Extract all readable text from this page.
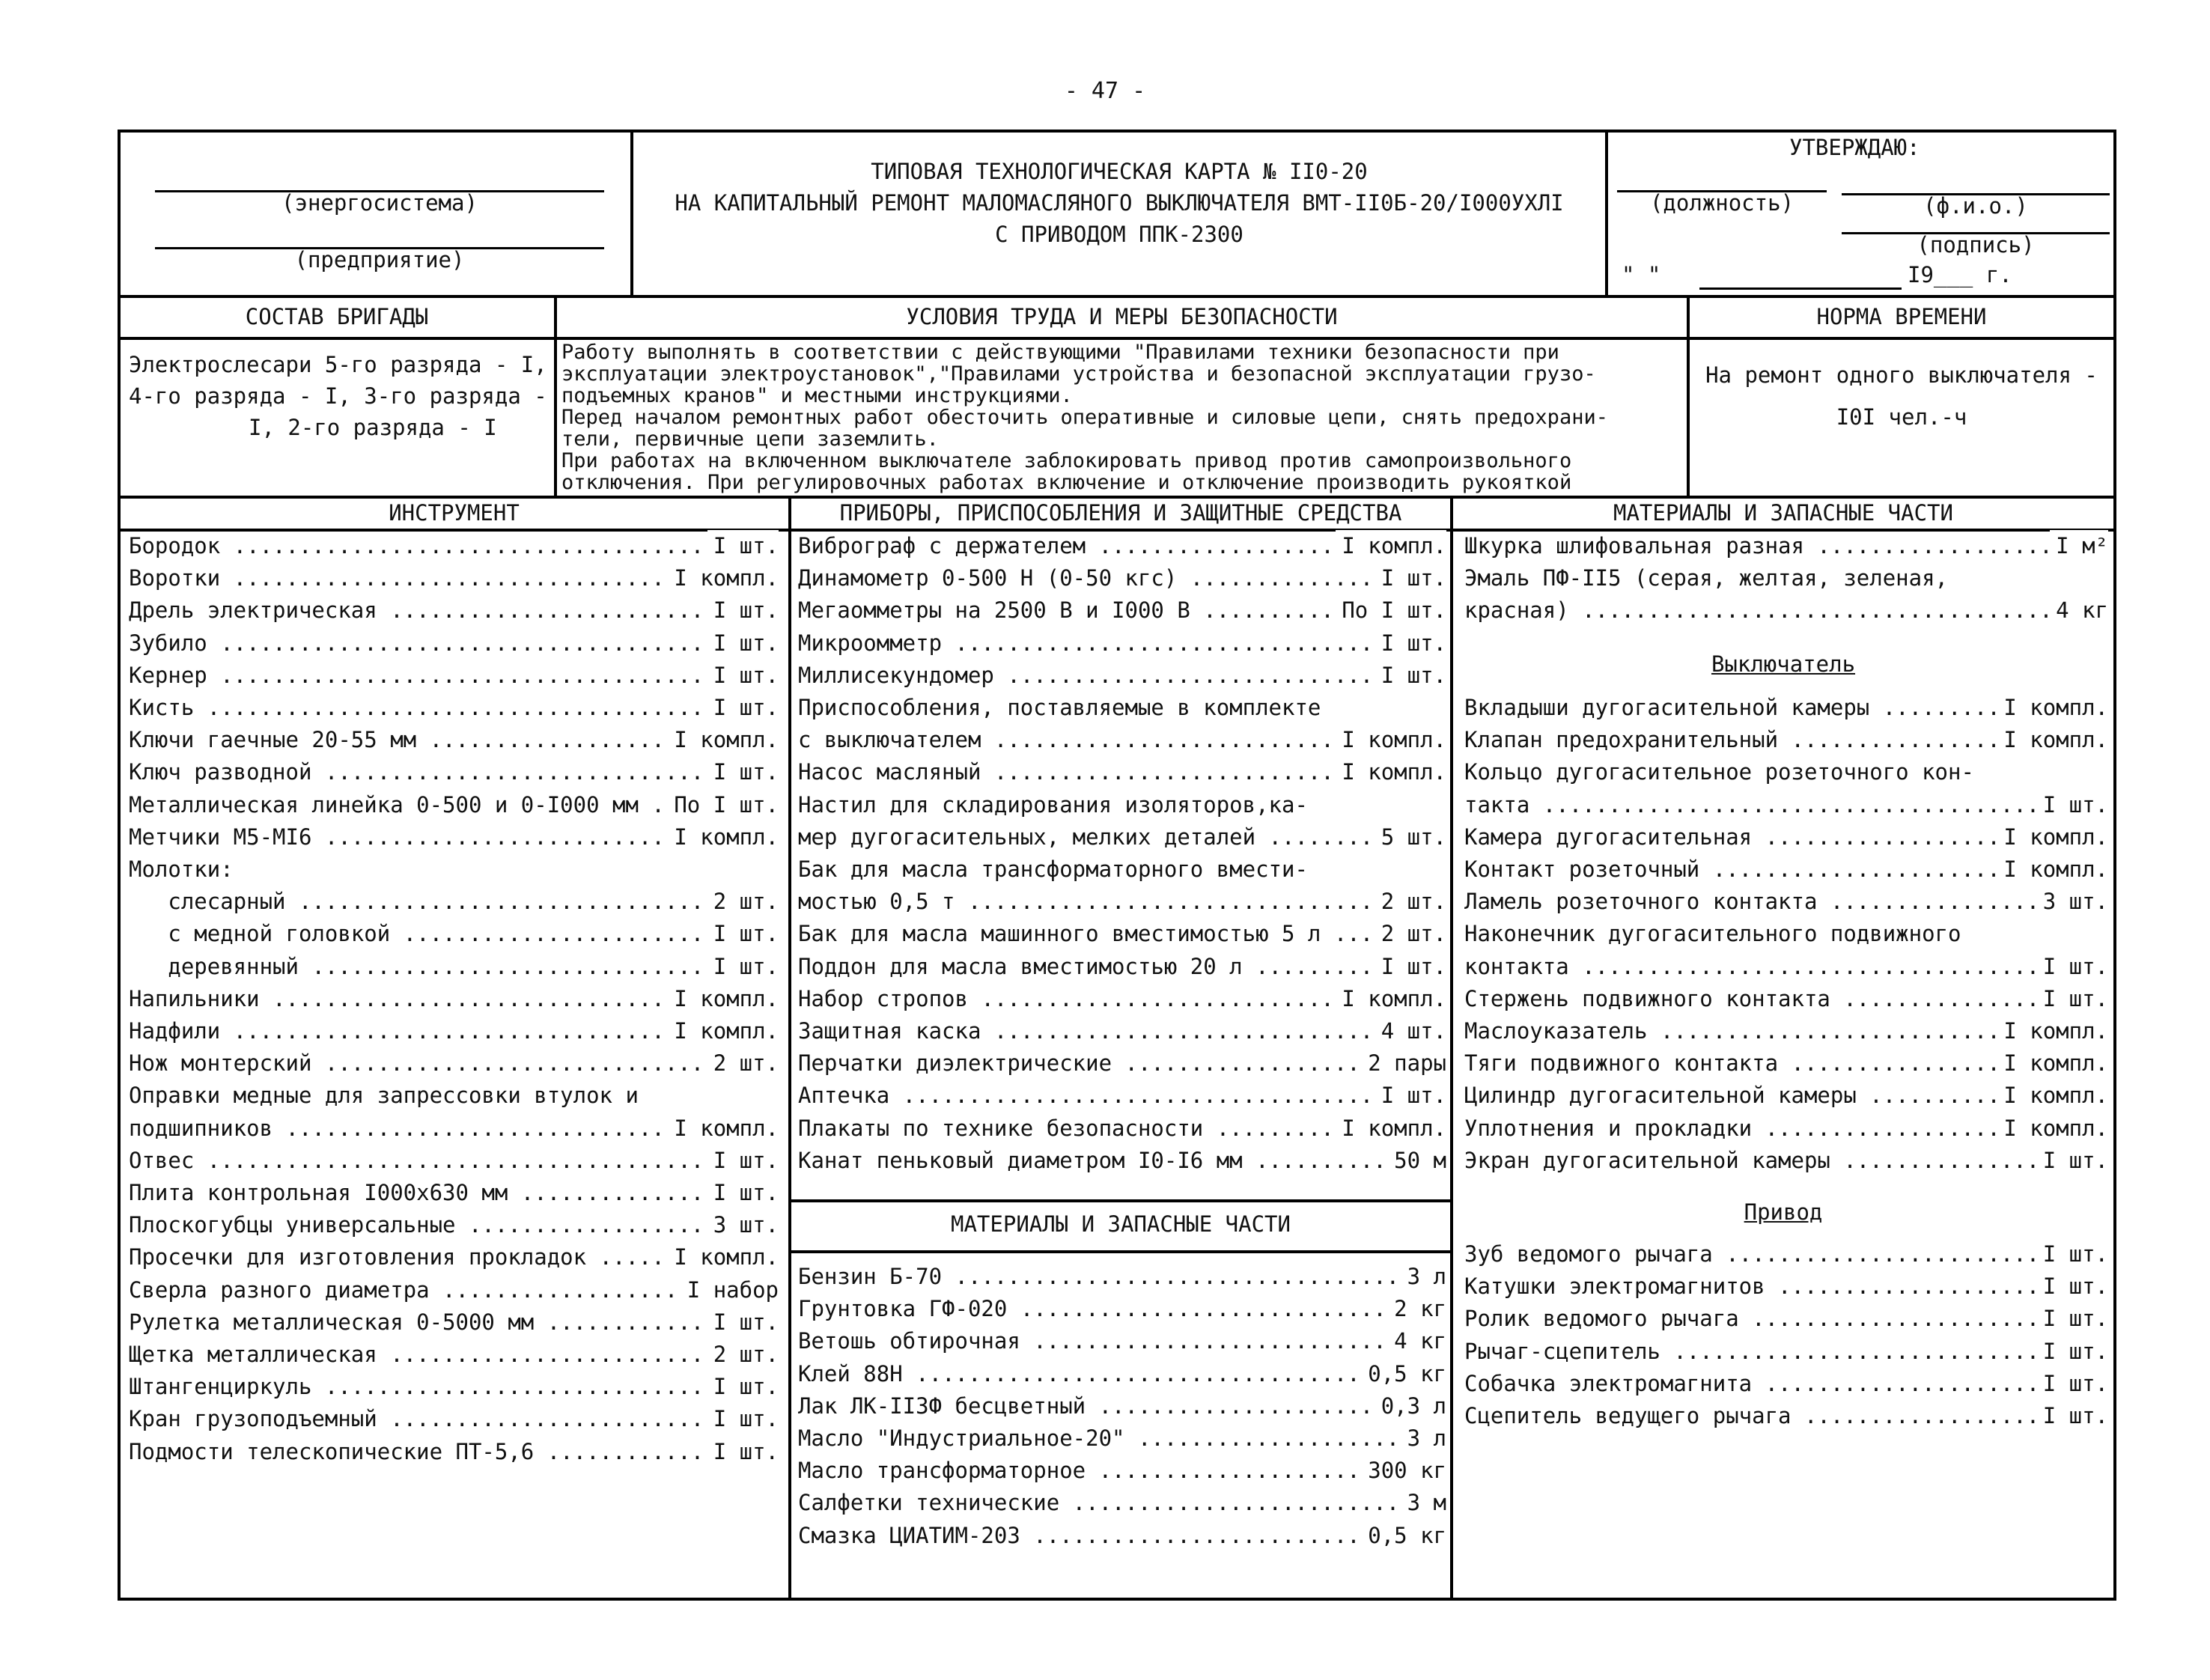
- 47 -
(энергосистема)
(предприятие)
ТИПОВАЯ ТЕХНОЛОГИЧЕСКАЯ КАРТА № II0-20
НА КАПИТАЛЬНЫЙ РЕМОНТ МАЛОМАСЛЯНОГО ВЫКЛЮЧАТЕЛЯ ВМТ-II0Б-20/I000УХЛI
С ПРИВОДОМ ППК-2300
УТВЕРЖДАЮ:
(должность)	(ф.и.о.)
(подпись)
" "	I9___ г.
СОСТАВ БРИГАДЫ	УСЛОВИЯ ТРУДА И МЕРЫ БЕЗОПАСНОСТИ	НОРМА ВРЕМЕНИ
Электрослесари 5-го разряда - I,
4-го разряда - I, 3-го разряда -
I, 2-го разряда - I
Работу выполнять в соответствии с действующими "Правилами техники безопасности при
эксплуатации электроустановок","Правилами устройства и безопасной эксплуатации грузо-
подъемных кранов" и местными инструкциями.
Перед началом ремонтных работ обесточить оперативные и силовые цепи, снять предохрани-
тели, первичные цепи заземлить.
При работах на включенном выключателе заблокировать привод против самопроизвольного
отключения. При регулировочных работах включение и отключение производить рукояткой
На ремонт одного выключателя -
I0I чел.-ч
ИНСТРУМЕНТ	ПРИБОРЫ, ПРИСПОСОБЛЕНИЯ И ЗАЩИТНЫЕ СРЕДСТВА	МАТЕРИАЛЫ И ЗАПАСНЫЕ ЧАСТИ
МАТЕРИАЛЫ И ЗАПАСНЫЕ ЧАСТИ
Бородок .....	I шт.
Воротки .....	I компл.
Дрель электрическая .....	I шт.
Зубило .....	I шт.
Кернер .....	I шт.
Кисть .....	I шт.
Ключи гаечные 20-55 мм .....	I компл.
Ключ разводной .....	I шт.
Металлическая линейка 0-500 и 0-I000 мм .....	По I шт.
Метчики М5-МI6 .....	I компл.
Молотки:
слесарный .....	2 шт.
с медной головкой .....	I шт.
деревянный .....	I шт.
Напильники .....	I компл.
Надфили .....	I компл.
Нож монтерский .....	2 шт.
Оправки медные для запрессовки втулок и
подшипников .....	I компл.
Отвес .....	I шт.
Плита контрольная I000х630 мм .....	I шт.
Плоскогубцы универсальные .....	3 шт.
Просечки для изготовления прокладок .....	I компл.
Сверла разного диаметра .....	I набор
Рулетка металлическая 0-5000 мм .....	I шт.
Щетка металлическая .....	2 шт.
Штангенциркуль .....	I шт.
Кран грузоподъемный .....	I шт.
Подмости телескопические ПТ-5,6 .....	I шт.
Виброграф с держателем .....	I компл.
Динамометр 0-500 Н (0-50 кгс) .....	I шт.
Мегаомметры на 2500 В и I000 В .....	По I шт.
Микроомметр .....	I шт.
Миллисекундомер .....	I шт.
Приспособления, поставляемые в комплекте
с выключателем .....	I компл.
Насос масляный .....	I компл.
Настил для складирования изоляторов,ка-
мер дугогасительных, мелких деталей .....	5 шт.
Бак для масла трансформаторного вмести-
мостью 0,5 т .....	2 шт.
Бак для масла машинного вместимостью 5 л .....	2 шт.
Поддон для масла вместимостью 20 л .....	I шт.
Набор стропов .....	I компл.
Защитная каска .....	4 шт.
Перчатки диэлектрические .....	2 пары
Аптечка .....	I шт.
Плакаты по технике безопасности .....	I компл.
Канат пеньковый диаметром I0-I6 мм .....	50 м
Бензин Б-70 .....	3 л
Грунтовка ГФ-020 .....	2 кг
Ветошь обтирочная .....	4 кг
Клей 88Н .....	0,5 кг
Лак ЛК-II3Ф бесцветный .....	0,3 л
Масло "Индустриальное-20" .....	3 л
Масло трансформаторное .....	300 кг
Салфетки технические .....	3 м
Смазка ЦИАТИМ-203 .....	0,5 кг
Шкурка шлифовальная разная .....	I м²
Эмаль ПФ-II5 (серая, желтая, зеленая,
красная) .....	4 кг
Выключатель
Вкладыши дугогасительной камеры .....	I компл.
Клапан предохранительный .....	I компл.
Кольцо дугогасительное розеточного кон-
такта .....	I шт.
Камера дугогасительная .....	I компл.
Контакт розеточный .....	I компл.
Ламель розеточного контакта .....	3 шт.
Наконечник дугогасительного подвижного
контакта .....	I шт.
Стержень подвижного контакта .....	I шт.
Маслоуказатель .....	I компл.
Тяги подвижного контакта .....	I компл.
Цилиндр дугогасительной камеры .....	I компл.
Уплотнения и прокладки .....	I компл.
Экран дугогасительной камеры .....	I шт.
Привод
Зуб ведомого рычага .....	I шт.
Катушки электромагнитов .....	I шт.
Ролик ведомого рычага .....	I шт.
Рычаг-сцепитель .....	I шт.
Собачка электромагнита .....	I шт.
Сцепитель ведущего рычага .....	I шт.
